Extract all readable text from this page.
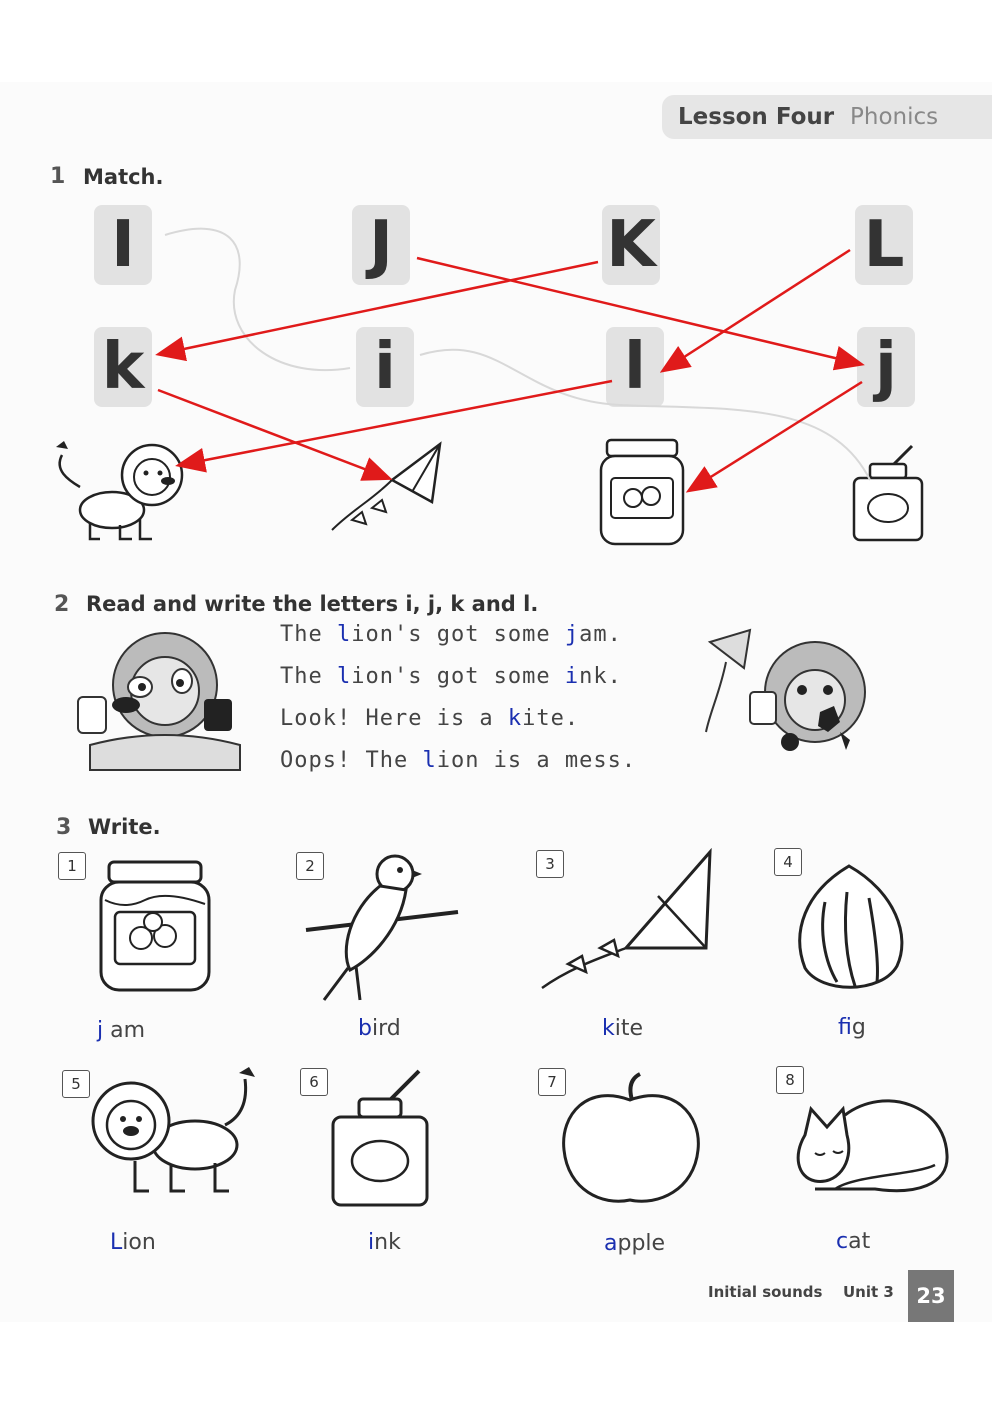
Lesson Four Phonics
1 Match.
I	J	K	L
k	i	l	j
2 Read and write the letters i, j, k and l.
The lion's got some jam.
The lion's got some ink.
Look! Here is a kite.
Oops! The lion is a mess.
3 Write.
1
j am
2
bird
3
kite
4
fig
5
Lion
6
ink
7
apple
8
cat
Initial sounds Unit 3	23
